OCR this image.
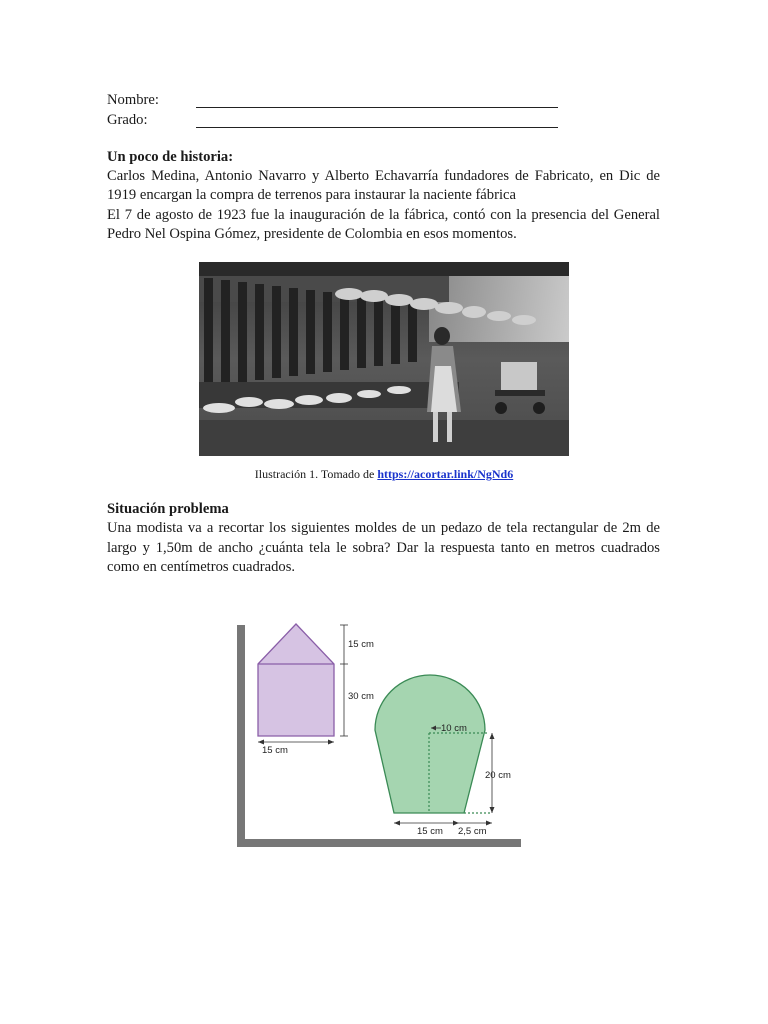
Nombre:
Grado:
Un poco de historia:
Carlos Medina, Antonio Navarro y Alberto Echavarría fundadores de Fabricato, en Dic de
1919 encargan la compra de terrenos para instaurar la naciente fábrica
El 7 de agosto de 1923 fue la inauguración de la fábrica, contó con la presencia del General
Pedro Nel Ospina Gómez, presidente de Colombia en esos momentos.
Ilustración 1. Tomado de https://acortar.link/NgNd6
Situación problema
Una modista va a recortar los siguientes moldes de un pedazo de tela rectangular de 2m de
largo y 1,50m de ancho ¿cuánta tela le sobra? Dar la respuesta tanto en metros cuadrados
como en centímetros cuadrados.
15 cm
30 cm
15 cm
10 cm
20 cm
15 cm 2,5 cm
